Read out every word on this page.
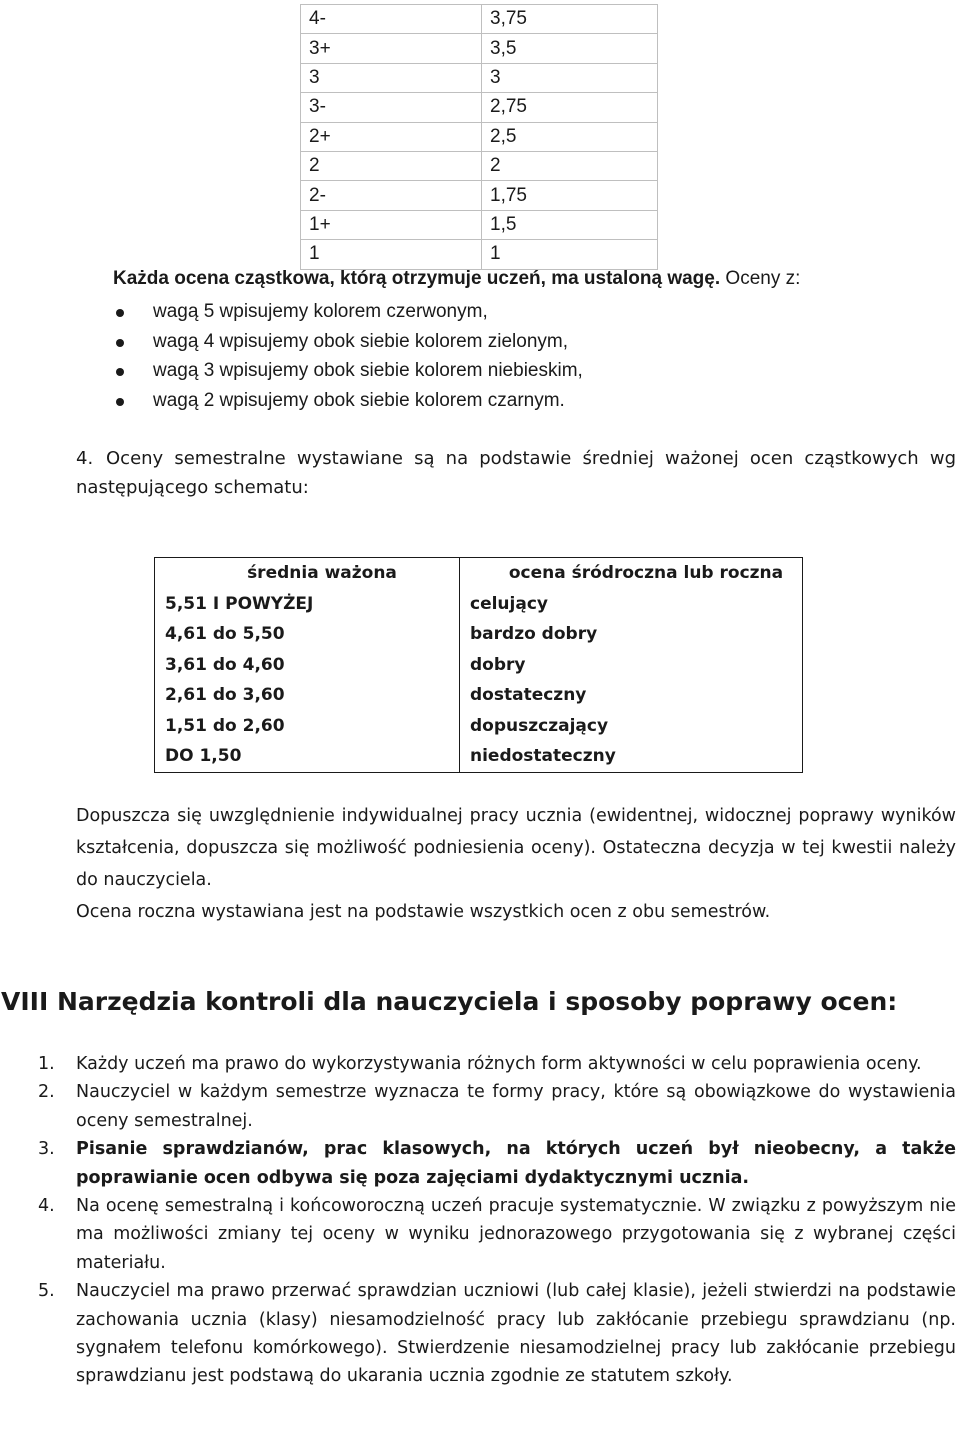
4-	3,75
3+	3,5
3	3
3-	2,75
2+	2,5
2	2
2-	1,75
1+	1,5
1	1
Każda ocena cząstkowa, którą otrzymuje uczeń, ma ustaloną wagę. Oceny z:
wagą 5 wpisujemy kolorem czerwonym,
wagą 4 wpisujemy obok siebie kolorem zielonym,
wagą 3 wpisujemy obok siebie kolorem niebieskim,
wagą 2 wpisujemy obok siebie kolorem czarnym.
4. Oceny semestralne wystawiane są na podstawie średniej ważonej ocen cząstkowych wg następującego schematu:
średnia ważona	ocena śródroczna lub roczna
5,51 I POWYŻEJ	celujący
4,61 do 5,50	bardzo dobry
3,61 do 4,60	dobry
2,61 do 3,60	dostateczny
1,51 do 2,60	dopuszczający
DO 1,50	niedostateczny
Dopuszcza się uwzględnienie indywidualnej pracy ucznia (ewidentnej, widocznej poprawy wyników kształcenia, dopuszcza się możliwość podniesienia oceny). Ostateczna decyzja w tej kwestii należy do nauczyciela.
Ocena roczna wystawiana jest na podstawie wszystkich ocen z obu semestrów.
VIII Narzędzia kontroli dla nauczyciela i sposoby poprawy ocen:
1. Każdy uczeń ma prawo do wykorzystywania różnych form aktywności w celu poprawienia oceny.
2. Nauczyciel w każdym semestrze wyznacza te formy pracy, które są obowiązkowe do wystawienia oceny semestralnej.
3. Pisanie sprawdzianów, prac klasowych, na których uczeń był nieobecny, a także poprawianie ocen odbywa się poza zajęciami dydaktycznymi ucznia.
4. Na ocenę semestralną i końcoworoczną uczeń pracuje systematycznie. W związku z powyższym nie ma możliwości zmiany tej oceny w wyniku jednorazowego przygotowania się z wybranej części materiału.
5. Nauczyciel ma prawo przerwać sprawdzian uczniowi (lub całej klasie), jeżeli stwierdzi na podstawie zachowania ucznia (klasy) niesamodzielność pracy lub zakłócanie przebiegu sprawdzianu (np. sygnałem telefonu komórkowego). Stwierdzenie niesamodzielnej pracy lub zakłócanie przebiegu sprawdzianu jest podstawą do ukarania ucznia zgodnie ze statutem szkoły.
